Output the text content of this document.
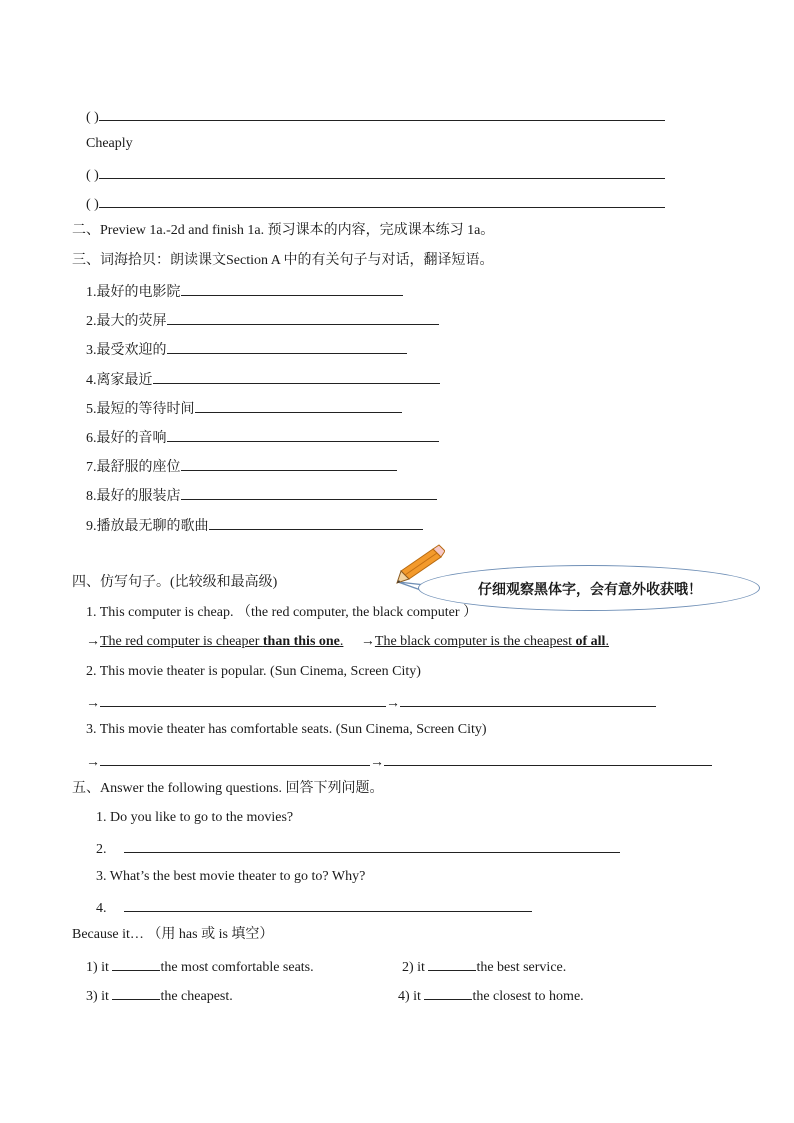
( )
Cheaply
( )
( )
二、Preview 1a.-2d and finish 1a. 预习课本的内容，完成课本练习 1a。
三、词海拾贝：朗读课文Section A 中的有关句子与对话，翻译短语。
1.最好的电影院
2.最大的荧屏
3.最受欢迎的
4.离家最近
5.最短的等待时间
6.最好的音响
7.最舒服的座位
8.最好的服装店
9.播放最无聊的歌曲
四、仿写句子。(比较级和最高级)	仔细观察黑体字，会有意外收获哦！
1. This computer is cheap. （the red computer, the black computer ）
→The red computer is cheaper than this one. →The black computer is the cheapest of all.
2. This movie theater is popular. (Sun Cinema, Screen City)
→	→
3. This movie theater has comfortable seats. (Sun Cinema, Screen City)
→	→
五、Answer the following questions. 回答下列问题。
1. Do you like to go to the movies?
2.
3. What’s the best movie theater to go to? Why?
4.
Because it… （用 has 或 is 填空）
1) it	the most comfortable seats.	2) it	the best service.
3) it	the cheapest.	4) it	the closest to home.
